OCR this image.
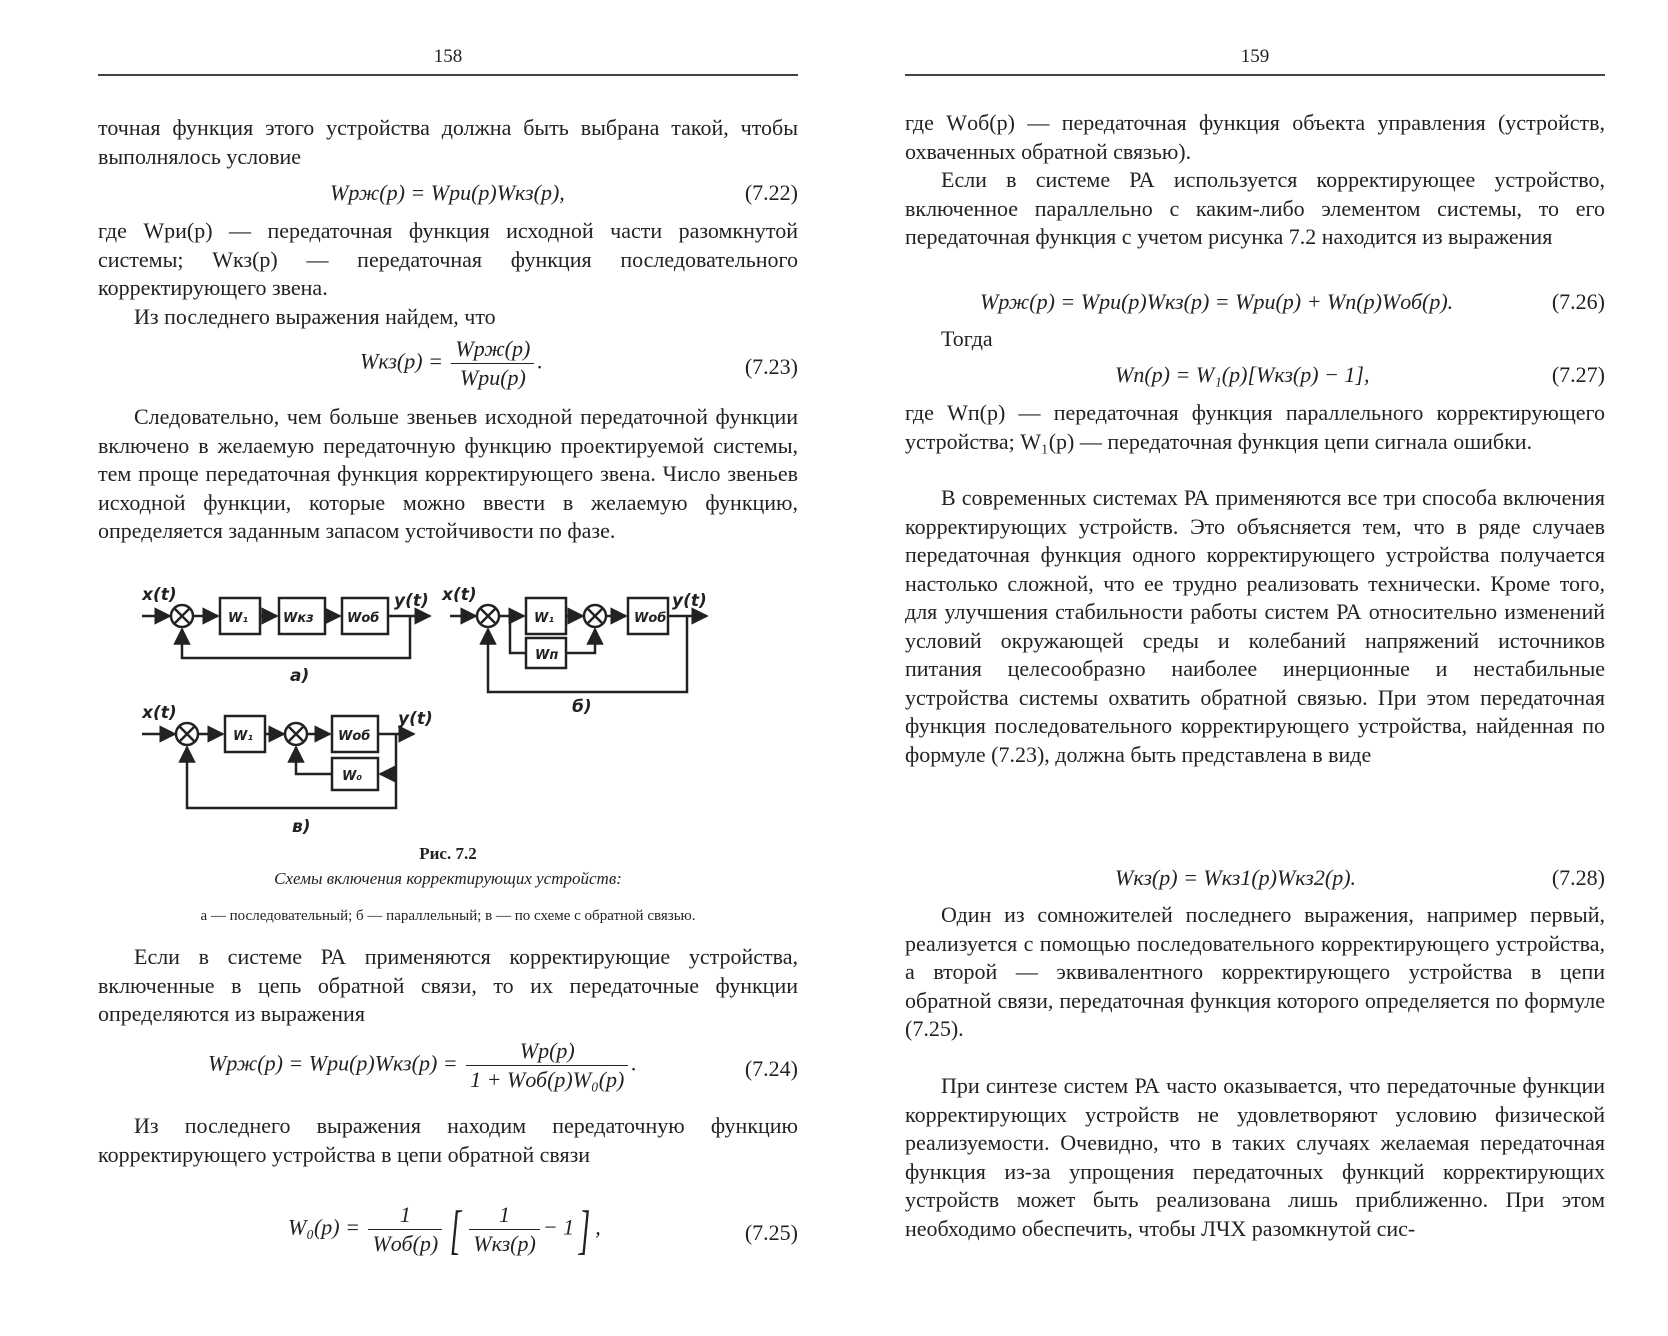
158
точная функция этого устройства должна быть выбрана такой, чтобы выполнялось условие
Wрж(p) = Wри(p)Wкз(p),	(7.22)
где Wри(p) — передаточная функция исходной части разомкнутой системы; Wкз(p) — передаточная функция последовательного корректирующего звена.
Из последнего выражения найдем, что
$Wкз(p) = \frac{\text{Wрж(p)}}{\text{Wри(p)}}$ .	(7.23)
Следовательно, чем больше звеньев исходной передаточной функции включено в желаемую передаточную функцию проектируемой системы, тем проще передаточная функция корректирующего звена. Число звеньев исходной функции, которые можно ввести в желаемую функцию, определяется заданным запасом устойчивости по фазе.
Рис. 7.2
Схемы включения корректирующих устройств:
а — последовательный; б — параллельный; в — по схеме с обратной связью.
Если в системе РА применяются корректирующие устройства, включенные в цепь обратной связи, то их передаточные функции определяются из выражения
$Wрж(p) = Wри(p)Wкз(p) = \frac{Wр(p)}{\text{1 + Wоб(p)W₀(p)}}$ .	(7.24)
Из последнего выражения находим передаточную функцию корректирующего устройства в цепи обратной связи
$W_0(p) = \frac{1}{\text{Wоб(p)}}$ [ $\frac{1}{\text{Wкз(p)}} - 1$] ,	(7.25)
x(t)	y(t)
W₁	Wкз	Wоб
а)
x(t)	y(t)
W₁	Wоб
Wп
б)
x(t)	y(t)
W₁	Wоб
W₀
в)
159
где Wоб(p) — передаточная функция объекта управления (устройств, охваченных обратной связью).
Если в системе РА используется корректирующее устройство, включенное параллельно с каким-либо элементом системы, то его передаточная функция с учетом рисунка 7.2 находится из выражения
Wрж(p) = Wри(p)Wкз(p) = Wри(p) + Wп(p)Wоб(p).	(7.26)
Тогда
Wп(p) = W₁(p)[Wкз(p) − 1],	(7.27)
где Wп(p) — передаточная функция параллельного корректирующего устройства; W₁(p) — передаточная функция цепи сигнала ошибки.
В современных системах РА применяются все три способа включения корректирующих устройств. Это объясняется тем, что в ряде случаев передаточная функция одного корректирующего устройства получается настолько сложной, что ее трудно реализовать технически. Кроме того, для улучшения стабильности работы систем РА относительно изменений условий окружающей среды и колебаний напряжений источников питания целесообразно наиболее инерционные и нестабильные устройства системы охватить обратной связью. При этом передаточная функция последовательного корректирующего устройства, найденная по формуле (7.23), должна быть представлена в виде
Wкз(p) = Wкз1(p)Wкз2(p).	(7.28)
Один из сомножителей последнего выражения, например первый, реализуется с помощью последовательного корректирующего устройства, а второй — эквивалентного корректирующего устройства в цепи обратной связи, передаточная функция которого определяется по формуле (7.25).
При синтезе систем РА часто оказывается, что передаточные функции корректирующих устройств не удовлетворяют условию физической реализуемости. Очевидно, что в таких случаях желаемая передаточная функция из-за упрощения передаточных функций корректирующих устройств может быть реализована лишь приближенно. При этом необходимо обеспечить, чтобы ЛЧХ разомкнутой сис-
